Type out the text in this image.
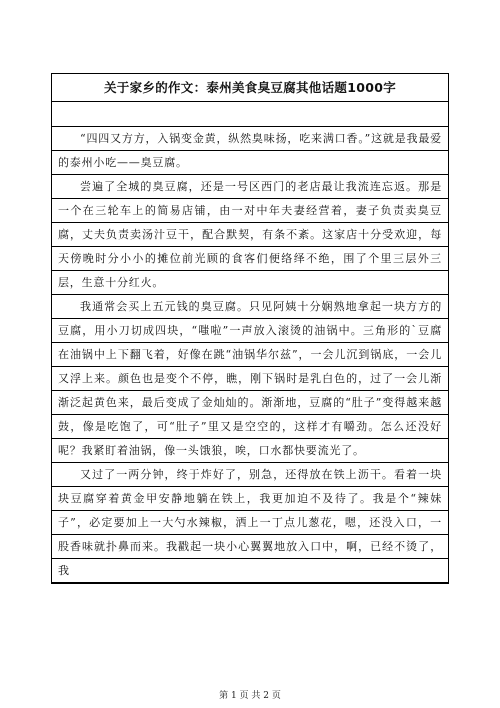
关于家乡的作文：泰州美食臭豆腐其他话题1000字

“四四又方方，入锅变金黄，纵然臭味扬，吃来满口香。”这就是我最爱的泰州小吃——臭豆腐。

尝遍了全城的臭豆腐，还是一号区西门的老店最让我流连忘返。那是一个在三轮车上的简易店铺，由一对中年夫妻经营着，妻子负责卖臭豆腐，丈夫负责卖汤汁豆干，配合默契，有条不紊。这家店十分受欢迎，每天傍晚时分小小的摊位前光顾的食客们便络绎不绝，围了个里三层外三层，生意十分红火。

我通常会买上五元钱的臭豆腐。只见阿姨十分娴熟地拿起一块方方的豆腐，用小刀切成四块，“嗤啦”一声放入滚烫的油锅中。三角形的`豆腐在油锅中上下翻飞着，好像在跳“油锅华尔兹”，一会儿沉到锅底，一会儿又浮上来。颜色也是变个不停，瞧，刚下锅时是乳白色的，过了一会儿渐渐泛起黄色来，最后变成了金灿灿的。渐渐地，豆腐的“肚子”变得越来越鼓，像是吃饱了，可“肚子”里又是空空的，这样才有嚼劲。怎么还没好呢？我紧盯着油锅，像一头饿狼，唉，口水都快要流光了。

又过了一两分钟，终于炸好了，别急，还得放在铁上沥干。看着一块块豆腐穿着黄金甲安静地躺在铁上，我更加迫不及待了。我是个“辣妹子”，必定要加上一大勺水辣椒，洒上一丁点儿葱花，嗯，还没入口，一股香味就扑鼻而来。我戳起一块小心翼翼地放入口中，啊，已经不烫了，我

第 1 页 共 2 页
